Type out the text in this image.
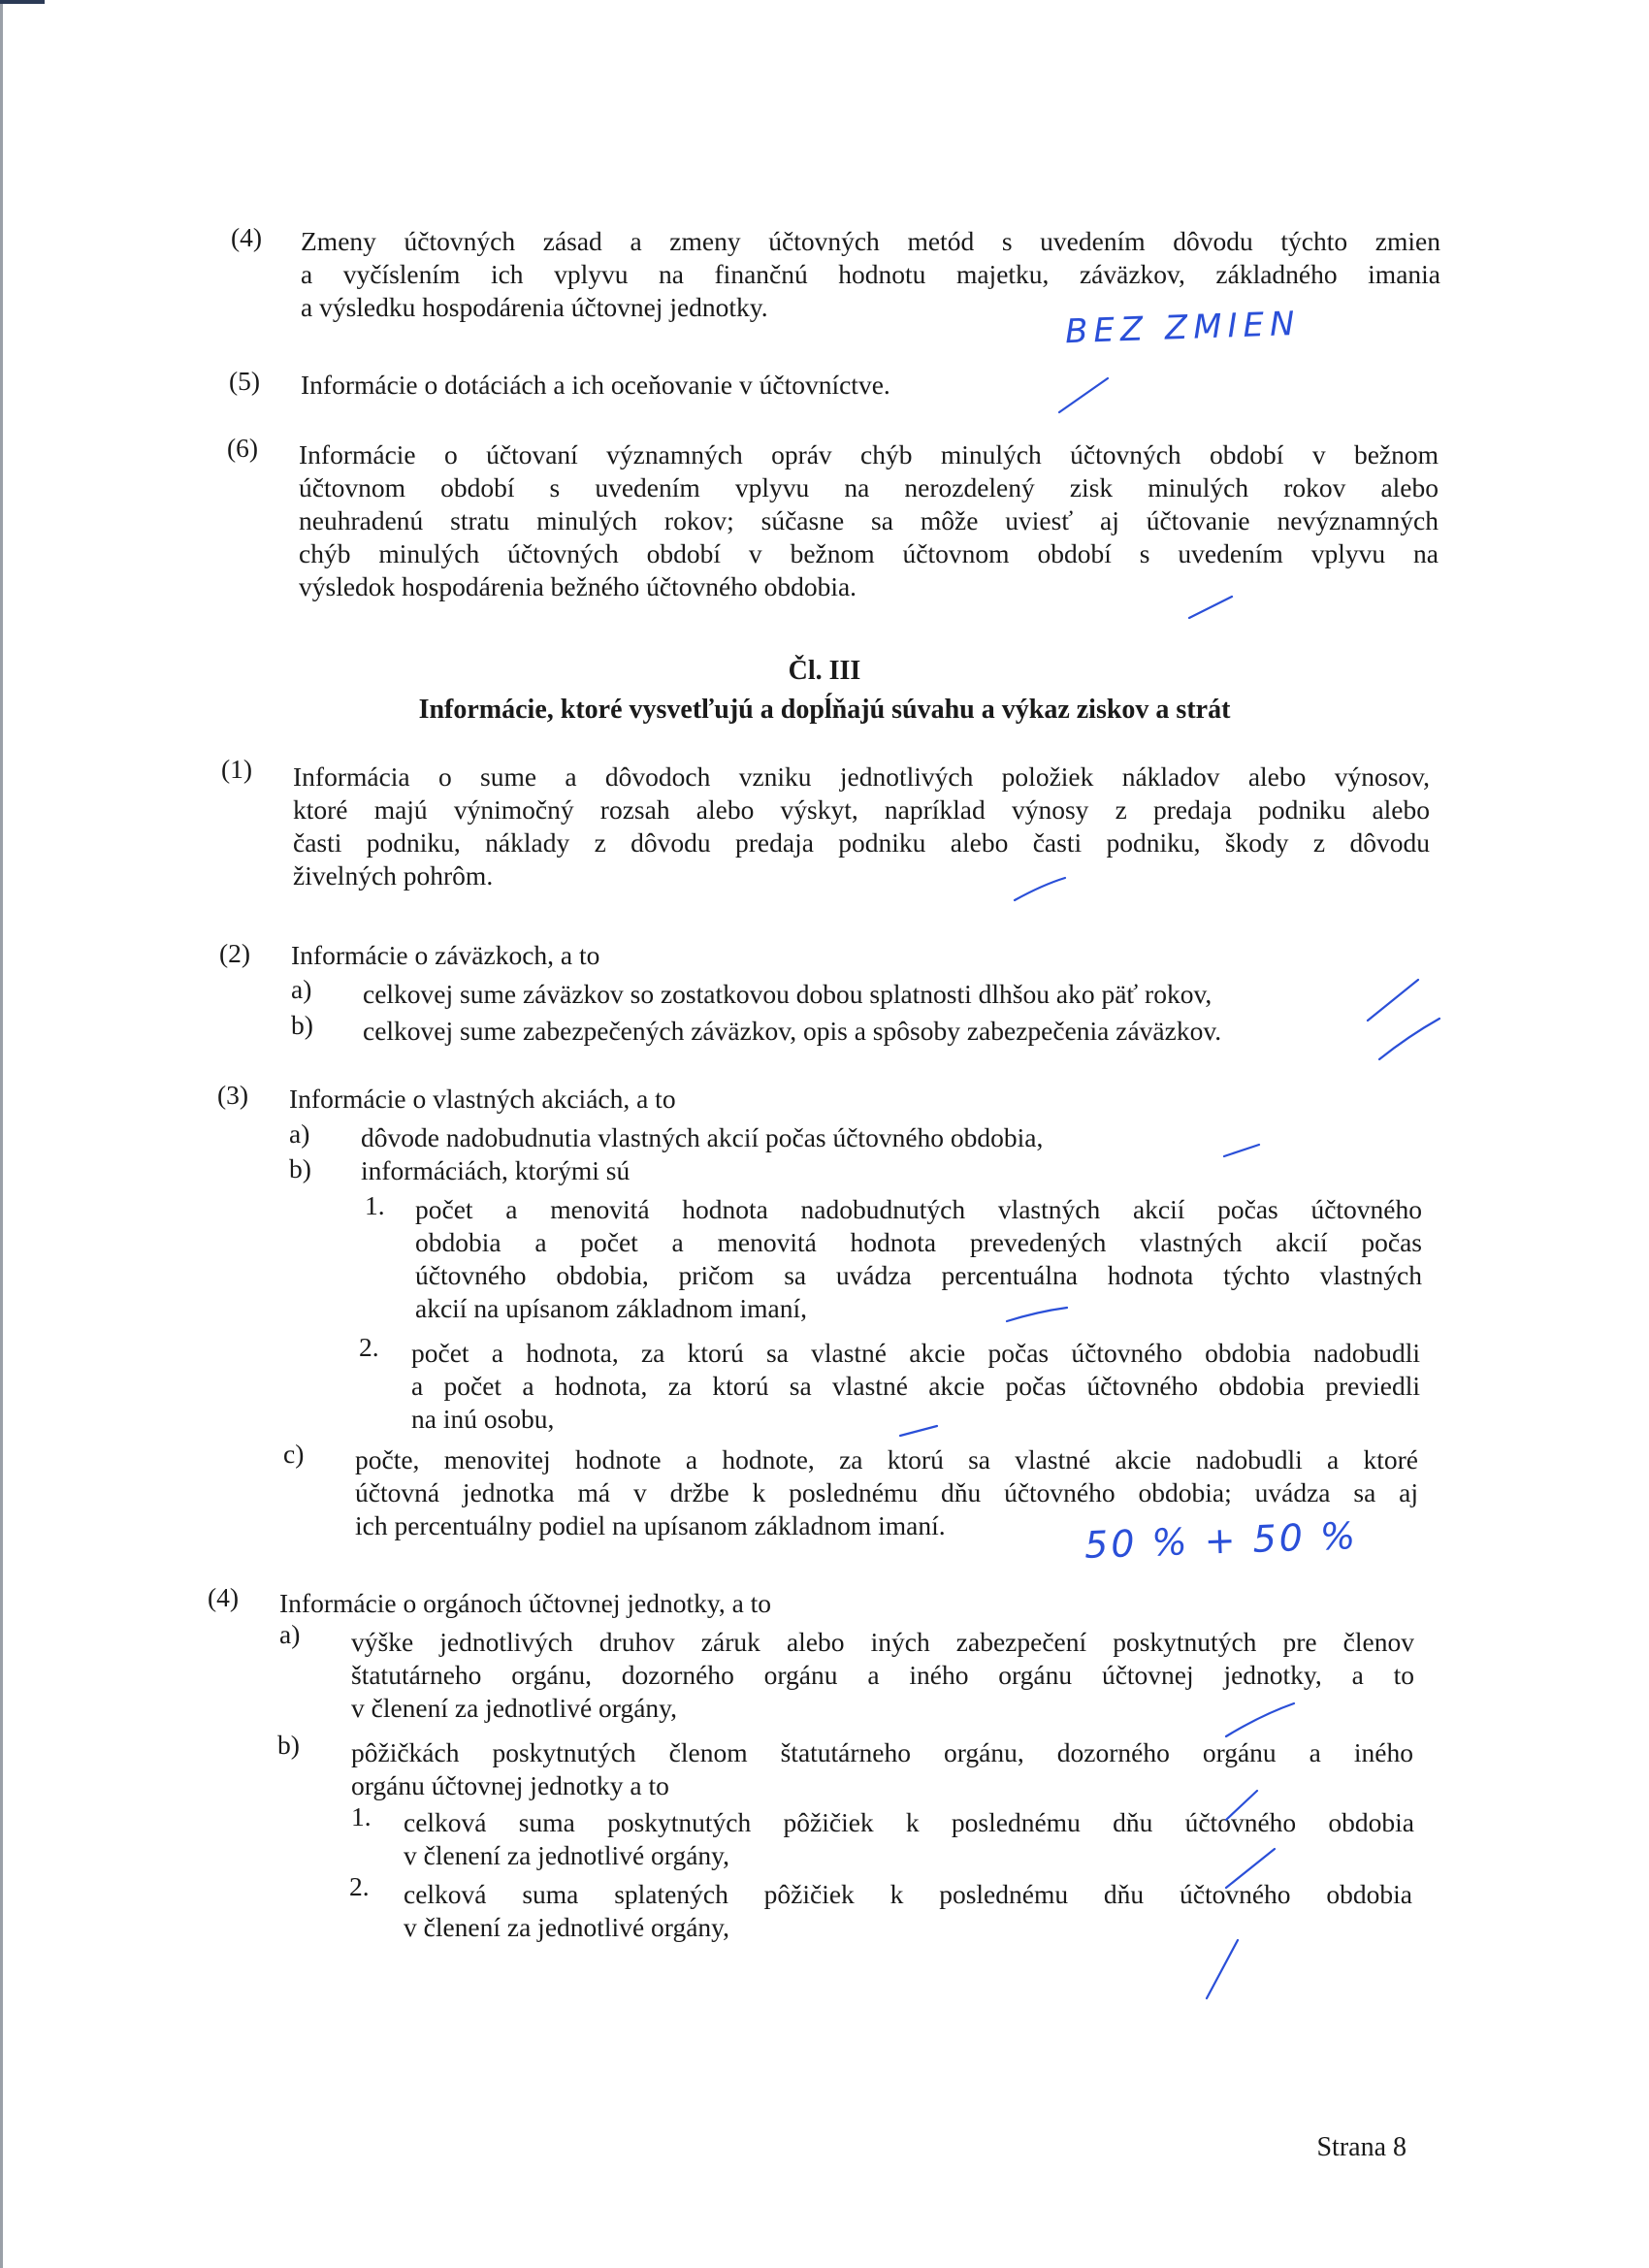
(4) Zmeny účtovných zásad a zmeny účtovných metód s uvedením dôvodu týchto zmien
a vyčíslením ich vplyvu na finančnú hodnotu majetku, záväzkov, základného imania
a výsledku hospodárenia účtovnej jednotky.
(5) Informácie o dotáciách a ich oceňovanie v účtovníctve.
(6) Informácie o účtovaní významných opráv chýb minulých účtovných období v bežnom
účtovnom období s uvedením vplyvu na nerozdelený zisk minulých rokov alebo
neuhradenú stratu minulých rokov; súčasne sa môže uviesť aj účtovanie nevýznamných
chýb minulých účtovných období v bežnom účtovnom období s uvedením vplyvu na
výsledok hospodárenia bežného účtovného obdobia.
Čl. III
Informácie, ktoré vysvetľujú a dopĺňajú súvahu a výkaz ziskov a strát
(1) Informácia o sume a dôvodoch vzniku jednotlivých položiek nákladov alebo výnosov,
ktoré majú výnimočný rozsah alebo výskyt, napríklad výnosy z predaja podniku alebo
časti podniku, náklady z dôvodu predaja podniku alebo časti podniku, škody z dôvodu
živelných pohrôm.
(2) Informácie o záväzkoch, a to
a) celkovej sume záväzkov so zostatkovou dobou splatnosti dlhšou ako päť rokov,
b) celkovej sume zabezpečených záväzkov, opis a spôsoby zabezpečenia záväzkov.
(3) Informácie o vlastných akciách, a to
a) dôvode nadobudnutia vlastných akcií počas účtovného obdobia,
b) informáciách, ktorými sú
1. počet a menovitá hodnota nadobudnutých vlastných akcií počas účtovného
obdobia a počet a menovitá hodnota prevedených vlastných akcií počas
účtovného obdobia, pričom sa uvádza percentuálna hodnota týchto vlastných
akcií na upísanom základnom imaní,
2. počet a hodnota, za ktorú sa vlastné akcie počas účtovného obdobia nadobudli
a počet a hodnota, za ktorú sa vlastné akcie počas účtovného obdobia previedli
na inú osobu,
c) počte, menovitej hodnote a hodnote, za ktorú sa vlastné akcie nadobudli a ktoré
účtovná jednotka má v držbe k poslednému dňu účtovného obdobia; uvádza sa aj
ich percentuálny podiel na upísanom základnom imaní.
(4) Informácie o orgánoch účtovnej jednotky, a to
a) výške jednotlivých druhov záruk alebo iných zabezpečení poskytnutých pre členov
štatutárneho orgánu, dozorného orgánu a iného orgánu účtovnej jednotky, a to
v členení za jednotlivé orgány,
b) pôžičkách poskytnutých členom štatutárneho orgánu, dozorného orgánu a iného
orgánu účtovnej jednotky a to
1. celková suma poskytnutých pôžičiek k poslednému dňu účtovného obdobia
v členení za jednotlivé orgány,
2. celková suma splatených pôžičiek k poslednému dňu účtovného obdobia
v členení za jednotlivé orgány,
BEZ ZMIEN
50 % + 50 %
Strana 8
